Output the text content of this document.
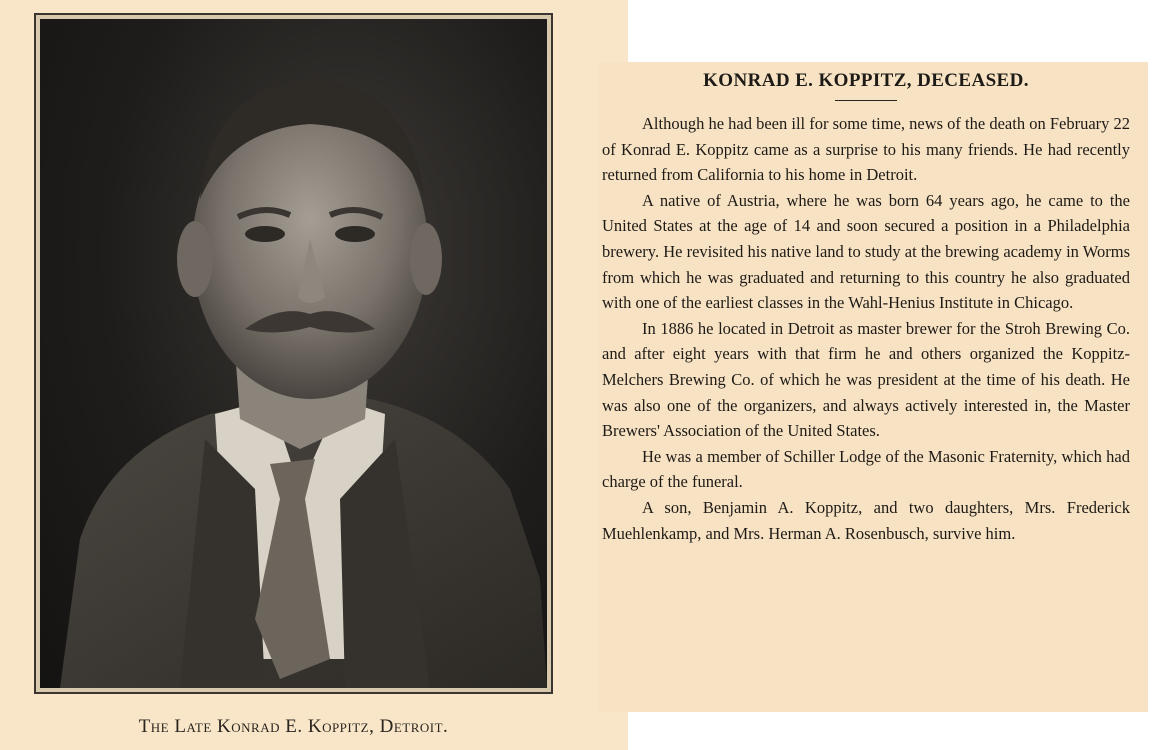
The Late Konrad E. Koppitz, Detroit.
KONRAD E. KOPPITZ, DECEASED.

Although he had been ill for some time, news of the death on February 22 of Konrad E. Koppitz came as a surprise to his many friends. He had recently returned from California to his home in Detroit.

A native of Austria, where he was born 64 years ago, he came to the United States at the age of 14 and soon secured a position in a Philadelphia brewery. He revisited his native land to study at the brewing academy in Worms from which he was graduated and returning to this country he also graduated with one of the earliest classes in the Wahl-Henius Institute in Chicago.

In 1886 he located in Detroit as master brewer for the Stroh Brewing Co. and after eight years with that firm he and others organized the Koppitz-Melchers Brewing Co. of which he was president at the time of his death. He was also one of the organizers, and always actively interested in, the Master Brewers' Association of the United States.

He was a member of Schiller Lodge of the Masonic Fraternity, which had charge of the funeral.

A son, Benjamin A. Koppitz, and two daughters, Mrs. Frederick Muehlenkamp, and Mrs. Herman A. Rosenbusch, survive him.
